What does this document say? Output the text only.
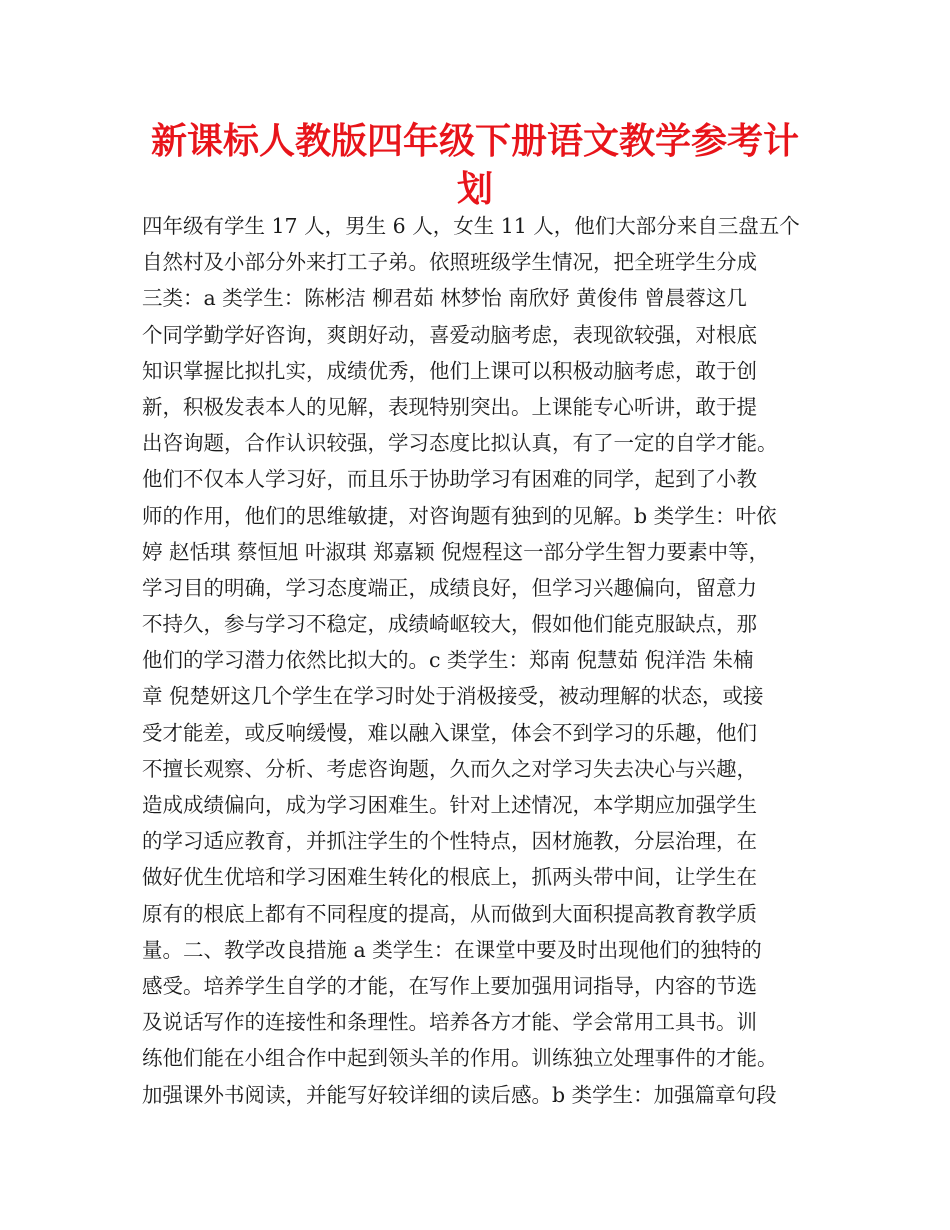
新课标人教版四年级下册语文教学参考计
划
四年级有学生 17 人，男生 6 人，女生 11 人，他们大部分来自三盘五个
自然村及小部分外来打工子弟。依照班级学生情况，把全班学生分成
三类：a 类学生：陈彬洁 柳君茹 林梦怡 南欣妤 黄俊伟 曾晨蓉这几
个同学勤学好咨询，爽朗好动，喜爱动脑考虑，表现欲较强，对根底
知识掌握比拟扎实，成绩优秀，他们上课可以积极动脑考虑，敢于创
新，积极发表本人的见解，表现特别突出。上课能专心听讲，敢于提
出咨询题，合作认识较强，学习态度比拟认真，有了一定的自学才能。
他们不仅本人学习好，而且乐于协助学习有困难的同学，起到了小教
师的作用，他们的思维敏捷，对咨询题有独到的见解。b 类学生：叶依
婷 赵恬琪 蔡恒旭 叶淑琪 郑嘉颖 倪煜程这一部分学生智力要素中等，
学习目的明确，学习态度端正，成绩良好，但学习兴趣偏向，留意力
不持久，参与学习不稳定，成绩崎岖较大，假如他们能克服缺点，那
他们的学习潜力依然比拟大的。c 类学生：郑南 倪慧茹 倪洋浩 朱楠
章 倪楚妍这几个学生在学习时处于消极接受，被动理解的状态，或接
受才能差，或反响缓慢，难以融入课堂，体会不到学习的乐趣，他们
不擅长观察、分析、考虑咨询题，久而久之对学习失去决心与兴趣，
造成成绩偏向，成为学习困难生。针对上述情况，本学期应加强学生
的学习适应教育，并抓注学生的个性特点，因材施教，分层治理，在
做好优生优培和学习困难生转化的根底上，抓两头带中间，让学生在
原有的根底上都有不同程度的提高，从而做到大面积提高教育教学质
量。二、教学改良措施 a 类学生：在课堂中要及时出现他们的独特的
感受。培养学生自学的才能，在写作上要加强用词指导，内容的节选
及说话写作的连接性和条理性。培养各方才能、学会常用工具书。训
练他们能在小组合作中起到领头羊的作用。训练独立处理事件的才能。
加强课外书阅读，并能写好较详细的读后感。b 类学生：加强篇章句段
